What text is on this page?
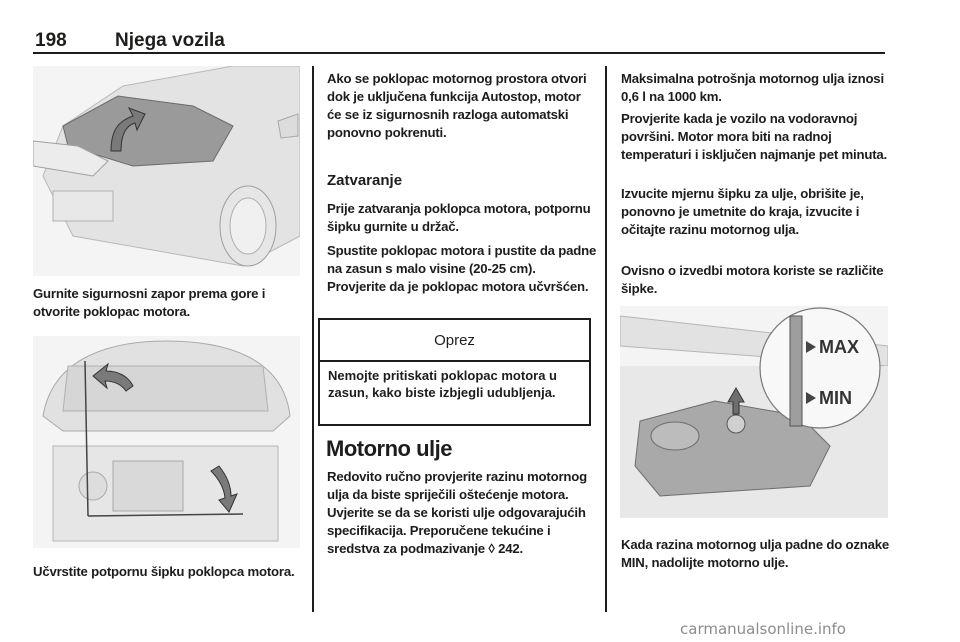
198	Njega vozila
Gurnite sigurnosni zapor prema gore i otvorite poklopac motora.
Učvrstite potpornu šipku poklopca motora.
Ako se poklopac motornog prostora otvori dok je uključena funkcija Autostop, motor će se iz sigurnosnih razloga automatski ponovno pokrenuti.
Zatvaranje
Prije zatvaranja poklopca motora, potpornu šipku gurnite u držač.
Spustite poklopac motora i pustite da padne na zasun s malo visine (20-25 cm). Provjerite da je poklopac motora učvršćen.
Oprez
Nemojte pritiskati poklopac motora u zasun, kako biste izbjegli udubljenja.
Motorno ulje
Redovito ručno provjerite razinu motornog ulja da biste spriječili oštećenje motora. Uvjerite se da se koristi ulje odgovarajućih specifikacija. Preporučene tekućine i sredstva za podmazivanje ◊ 242.
Maksimalna potrošnja motornog ulja iznosi 0,6 l na 1000 km.
Provjerite kada je vozilo na vodoravnoj površini. Motor mora biti na radnoj temperaturi i isključen najmanje pet minuta.
Izvucite mjernu šipku za ulje, obrišite je, ponovno je umetnite do kraja, izvucite i očitajte razinu motornog ulja.
Ovisno o izvedbi motora koriste se različite šipke.
MAX
MIN
Kada razina motornog ulja padne do oznake MIN, nadolijte motorno ulje.
carmanualsonline.info
